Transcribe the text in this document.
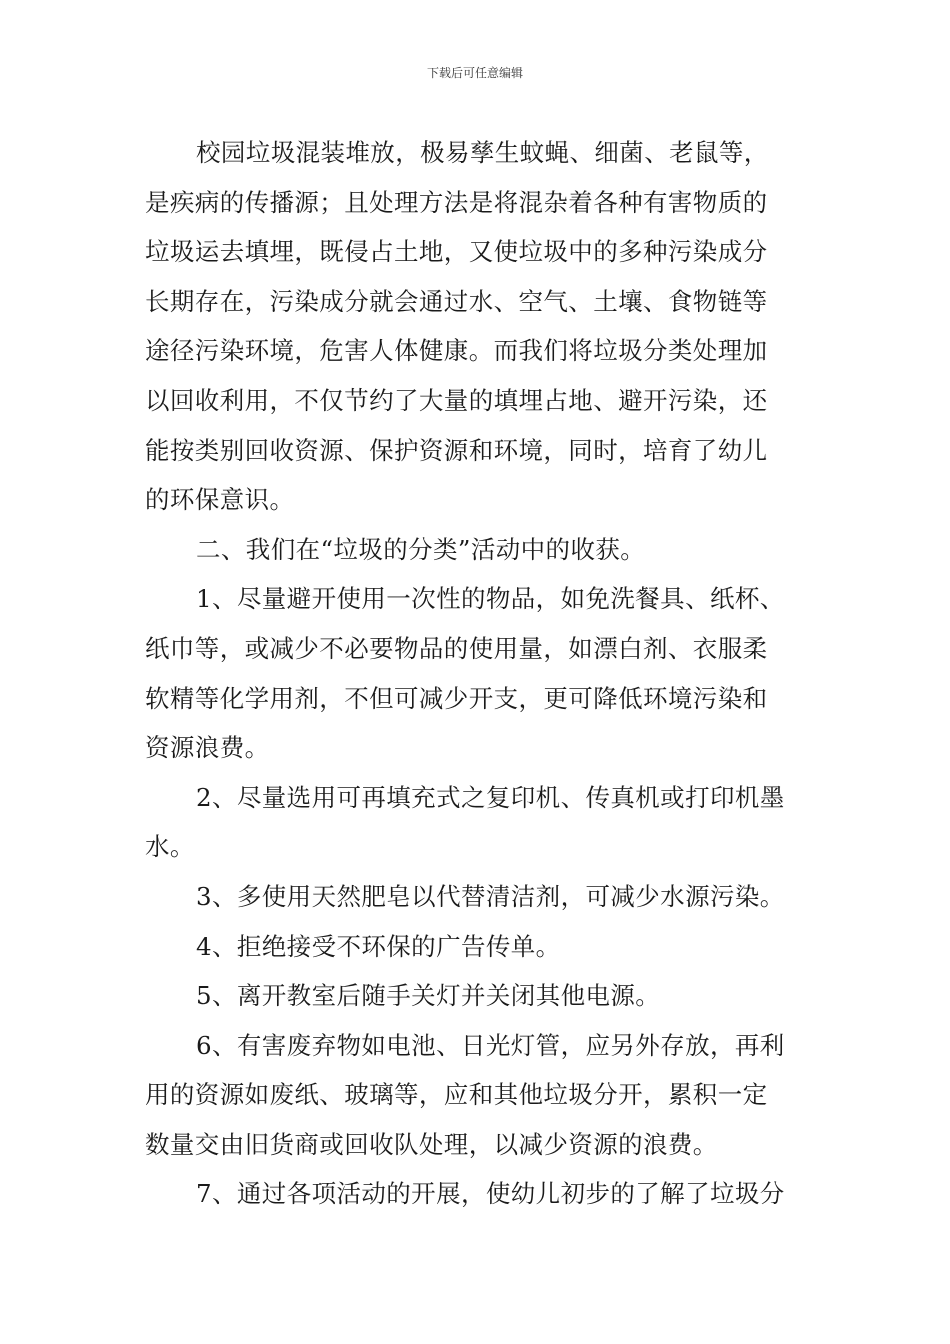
下载后可任意编辑
校园垃圾混装堆放，极易孳生蚊蝇、细菌、老鼠等，
是疾病的传播源；且处理方法是将混杂着各种有害物质的
垃圾运去填埋，既侵占土地，又使垃圾中的多种污染成分
长期存在，污染成分就会通过水、空气、土壤、食物链等
途径污染环境，危害人体健康。而我们将垃圾分类处理加
以回收利用，不仅节约了大量的填埋占地、避开污染，还
能按类别回收资源、保护资源和环境，同时，培育了幼儿
的环保意识。
二、我们在“垃圾的分类”活动中的收获。
1、尽量避开使用一次性的物品，如免洗餐具、纸杯、
纸巾等，或减少不必要物品的使用量，如漂白剂、衣服柔
软精等化学用剂，不但可减少开支，更可降低环境污染和
资源浪费。
2、尽量选用可再填充式之复印机、传真机或打印机墨
水。
3、多使用天然肥皂以代替清洁剂，可减少水源污染。
4、拒绝接受不环保的广告传单。
5、离开教室后随手关灯并关闭其他电源。
6、有害废弃物如电池、日光灯管，应另外存放，再利
用的资源如废纸、玻璃等，应和其他垃圾分开，累积一定
数量交由旧货商或回收队处理，以减少资源的浪费。
7、通过各项活动的开展，使幼儿初步的了解了垃圾分
